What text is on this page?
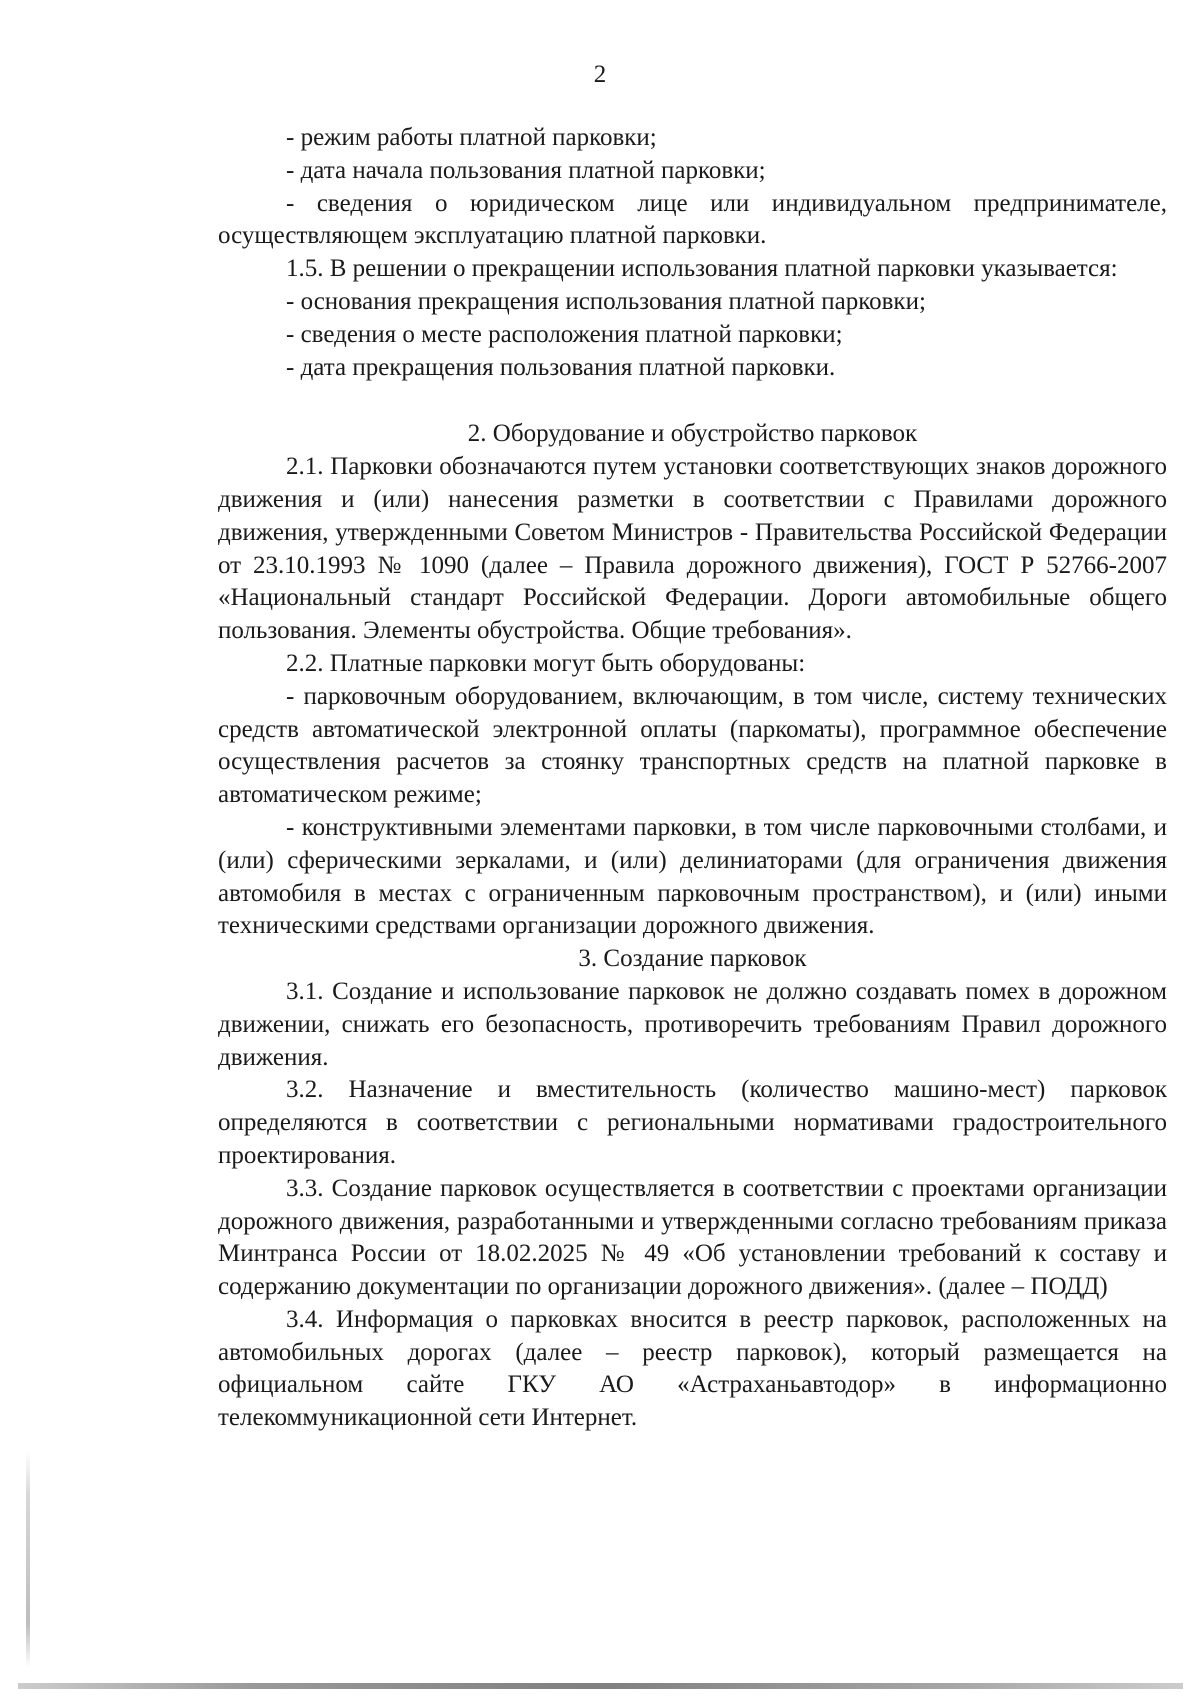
2

- режим работы платной парковки;

- дата начала пользования платной парковки;

- сведения о юридическом лице или индивидуальном предпринимателе, осуществляющем эксплуатацию платной парковки.

1.5. В решении о прекращении использования платной парковки указывается:

- основания прекращения использования платной парковки;

- сведения о месте расположения платной парковки;

- дата прекращения пользования платной парковки.

2. Оборудование и обустройство парковок

2.1. Парковки обозначаются путем установки соответствующих знаков дорожного движения и (или) нанесения разметки в соответствии с Правилами дорожного движения, утвержденными Советом Министров - Правительства Российской Федерации от 23.10.1993 № 1090 (далее – Правила дорожного движения), ГОСТ Р 52766-2007 «Национальный стандарт Российской Федерации. Дороги автомобильные общего пользования. Элементы обустройства. Общие требования».

2.2. Платные парковки могут быть оборудованы:

- парковочным оборудованием, включающим, в том числе, систему технических средств автоматической электронной оплаты (паркоматы), программное обеспечение осуществления расчетов за стоянку транспортных средств на платной парковке в автоматическом режиме;

- конструктивными элементами парковки, в том числе парковочными столбами, и (или) сферическими зеркалами, и (или) делиниаторами (для ограничения движения автомобиля в местах с ограниченным парковочным пространством), и (или) иными техническими средствами организации дорожного движения.

3. Создание парковок

3.1. Создание и использование парковок не должно создавать помех в дорожном движении, снижать его безопасность, противоречить требованиям Правил дорожного движения.

3.2. Назначение и вместительность (количество машино-мест) парковок определяются в соответствии с региональными нормативами градостроительного проектирования.

3.3. Создание парковок осуществляется в соответствии с проектами организации дорожного движения, разработанными и утвержденными согласно требованиям приказа Минтранса России от 18.02.2025 № 49 «Об установлении требований к составу и содержанию документации по организации дорожного движения». (далее – ПОДД)

3.4. Информация о парковках вносится в реестр парковок, расположенных на автомобильных дорогах (далее – реестр парковок), который размещается на официальном сайте ГКУ АО «Астраханьавтодор» в информационно телекоммуникационной сети Интернет.
